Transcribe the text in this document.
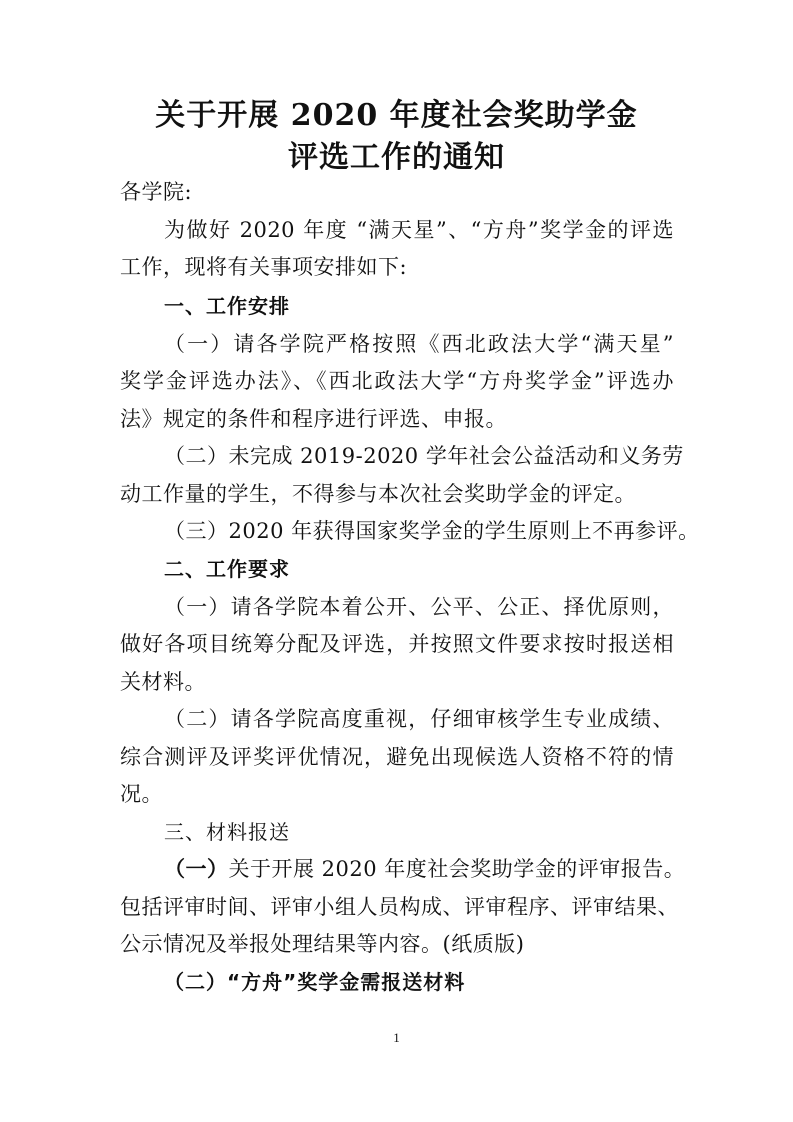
关于开展 2020 年度社会奖助学金
评选工作的通知
各学院:
为做好 2020 年度 “满天星”、“方舟”奖学金的评选
工作，现将有关事项安排如下:
一、工作安排
（一）请各学院严格按照《西北政法大学“满天星”
奖学金评选办法》、《西北政法大学“方舟奖学金”评选办
法》规定的条件和程序进行评选、申报。
（二）未完成 2019-2020 学年社会公益活动和义务劳
动工作量的学生，不得参与本次社会奖助学金的评定。
（三）2020 年获得国家奖学金的学生原则上不再参评。
二、工作要求
（一）请各学院本着公开、公平、公正、择优原则，
做好各项目统筹分配及评选，并按照文件要求按时报送相
关材料。
（二）请各学院高度重视，仔细审核学生专业成绩、
综合测评及评奖评优情况，避免出现候选人资格不符的情
况。
三、材料报送
（一）关于开展 2020 年度社会奖助学金的评审报告。
包括评审时间、评审小组人员构成、评审程序、评审结果、
公示情况及举报处理结果等内容。(纸质版)
（二）“方舟”奖学金需报送材料
1
